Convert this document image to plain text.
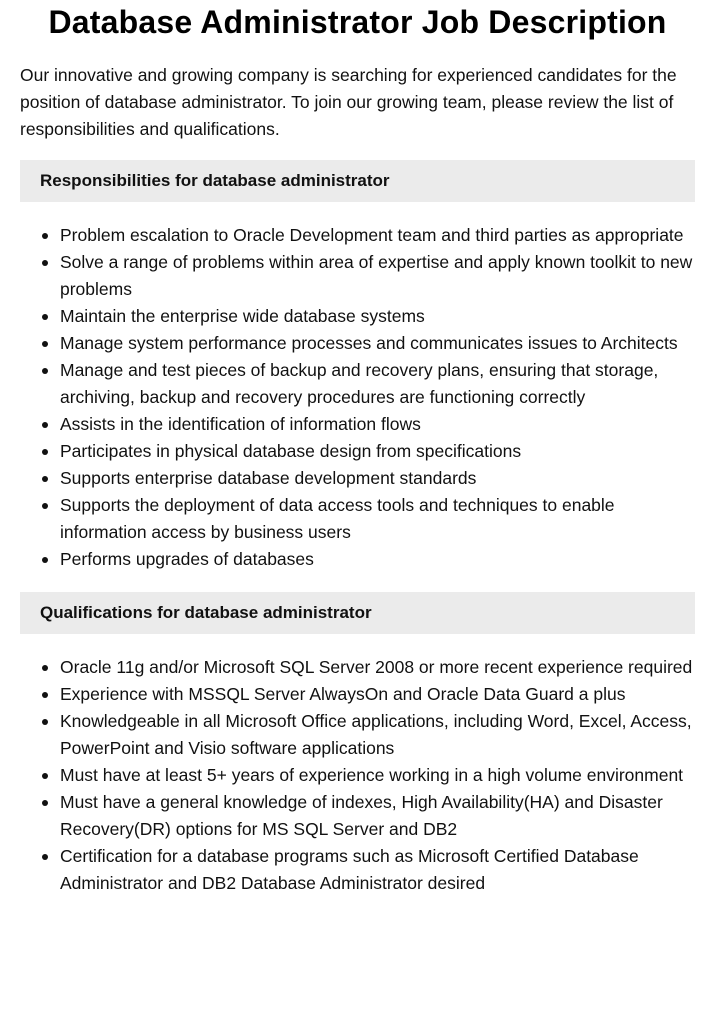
Database Administrator Job Description

Our innovative and growing company is searching for experienced candidates for the position of database administrator. To join our growing team, please review the list of responsibilities and qualifications.

Responsibilities for database administrator
Problem escalation to Oracle Development team and third parties as appropriate
Solve a range of problems within area of expertise and apply known toolkit to new problems
Maintain the enterprise wide database systems
Manage system performance processes and communicates issues to Architects
Manage and test pieces of backup and recovery plans, ensuring that storage, archiving, backup and recovery procedures are functioning correctly
Assists in the identification of information flows
Participates in physical database design from specifications
Supports enterprise database development standards
Supports the deployment of data access tools and techniques to enable information access by business users
Performs upgrades of databases
Qualifications for database administrator
Oracle 11g and/or Microsoft SQL Server 2008 or more recent experience required
Experience with MSSQL Server AlwaysOn and Oracle Data Guard a plus
Knowledgeable in all Microsoft Office applications, including Word, Excel, Access, PowerPoint and Visio software applications
Must have at least 5+ years of experience working in a high volume environment
Must have a general knowledge of indexes, High Availability(HA) and Disaster Recovery(DR) options for MS SQL Server and DB2
Certification for a database programs such as Microsoft Certified Database Administrator and DB2 Database Administrator desired
